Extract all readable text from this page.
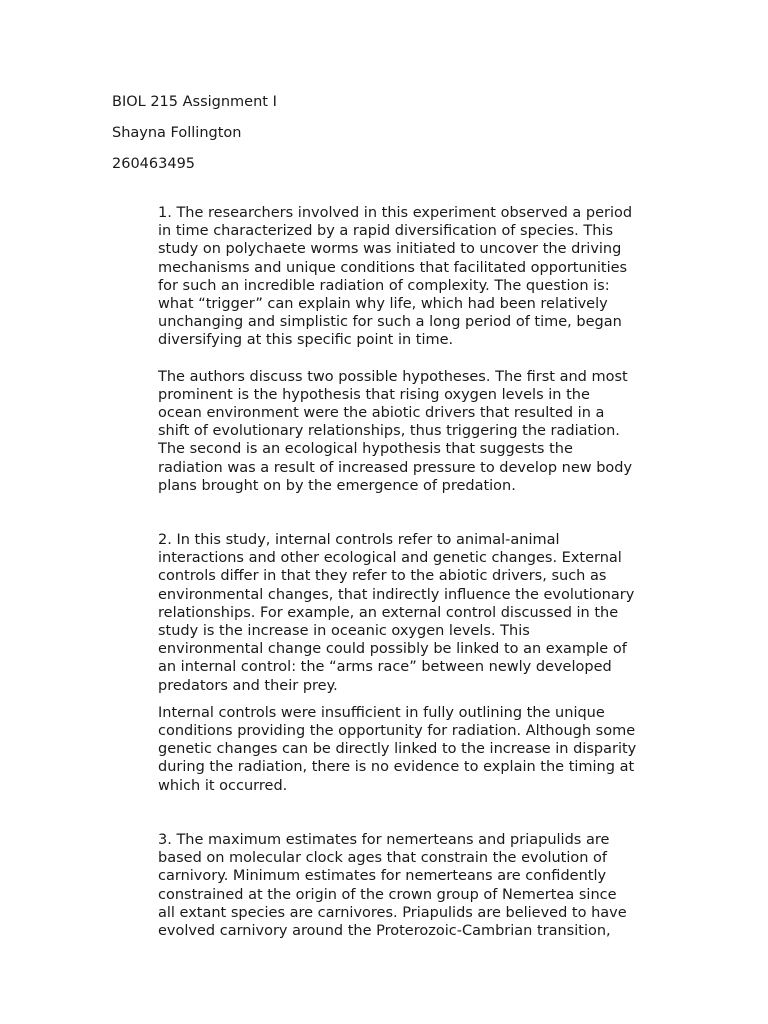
BIOL 215 Assignment I
Shayna Follington
260463495

1. The researchers involved in this experiment observed a period
in time characterized by a rapid diversification of species. This
study on polychaete worms was initiated to uncover the driving
mechanisms and unique conditions that facilitated opportunities
for such an incredible radiation of complexity. The question is:
what “trigger” can explain why life, which had been relatively
unchanging and simplistic for such a long period of time, began
diversifying at this specific point in time.

The authors discuss two possible hypotheses. The first and most
prominent is the hypothesis that rising oxygen levels in the
ocean environment were the abiotic drivers that resulted in a
shift of evolutionary relationships, thus triggering the radiation.
The second is an ecological hypothesis that suggests the
radiation was a result of increased pressure to develop new body
plans brought on by the emergence of predation.

2. In this study, internal controls refer to animal-animal
interactions and other ecological and genetic changes. External
controls differ in that they refer to the abiotic drivers, such as
environmental changes, that indirectly influence the evolutionary
relationships. For example, an external control discussed in the
study is the increase in oceanic oxygen levels. This
environmental change could possibly be linked to an example of
an internal control: the “arms race” between newly developed
predators and their prey.

Internal controls were insufficient in fully outlining the unique
conditions providing the opportunity for radiation. Although some
genetic changes can be directly linked to the increase in disparity
during the radiation, there is no evidence to explain the timing at
which it occurred.

3. The maximum estimates for nemerteans and priapulids are
based on molecular clock ages that constrain the evolution of
carnivory. Minimum estimates for nemerteans are confidently
constrained at the origin of the crown group of Nemertea since
all extant species are carnivores. Priapulids are believed to have
evolved carnivory around the Proterozoic-Cambrian transition,
